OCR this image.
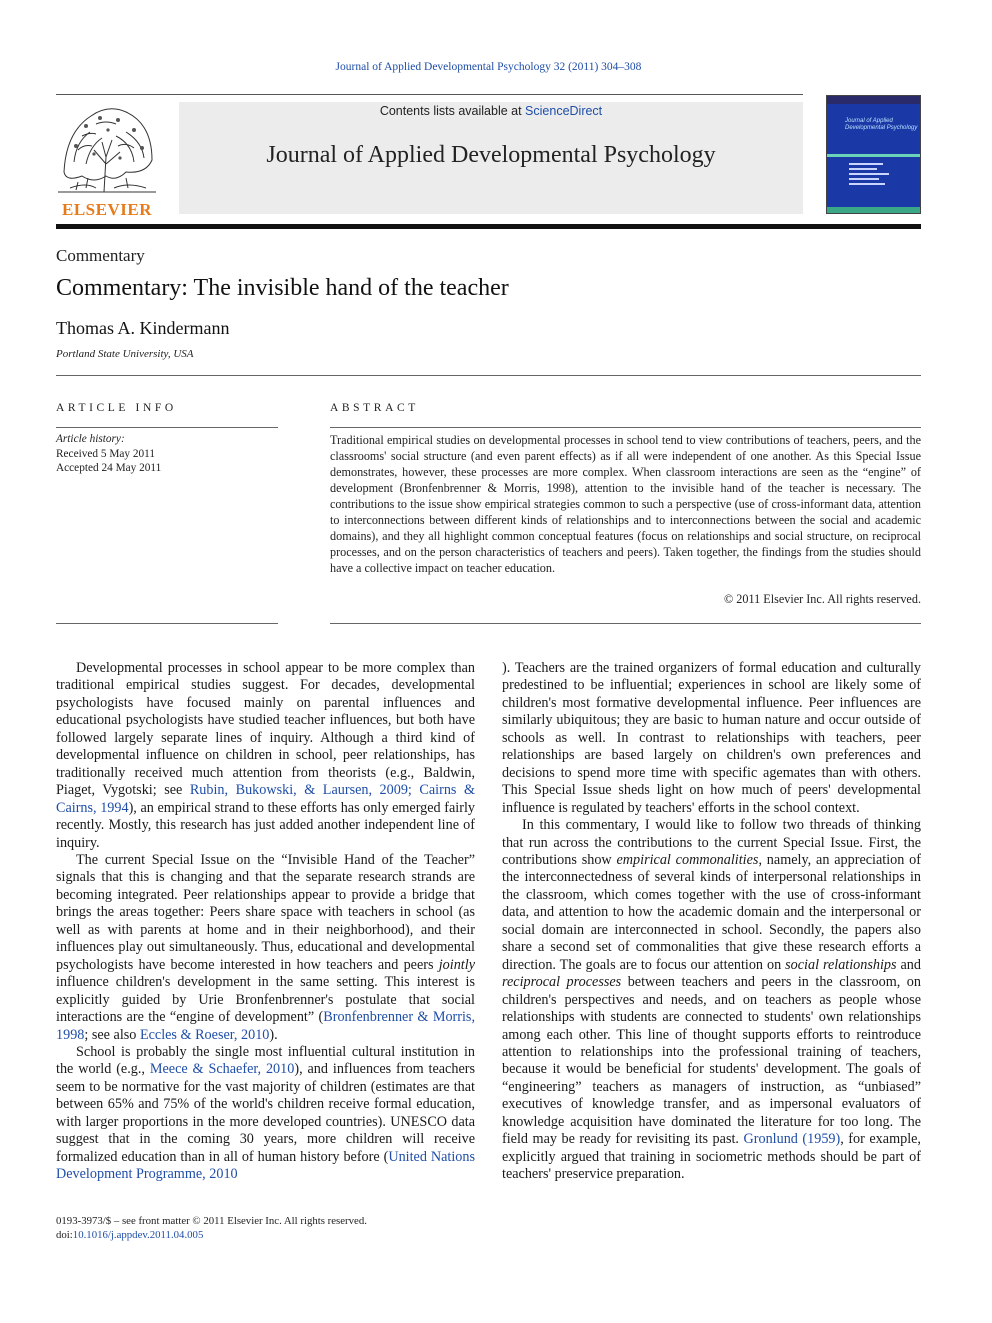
Journal of Applied Developmental Psychology 32 (2011) 304–308
ELSEVIER
Contents lists available at ScienceDirect
Journal of Applied Developmental Psychology
Journal of Applied Developmental Psychology
Commentary
Commentary: The invisible hand of the teacher
Thomas A. Kindermann
Portland State University, USA
ARTICLE INFO
Article history:
Received 5 May 2011
Accepted 24 May 2011
ABSTRACT
Traditional empirical studies on developmental processes in school tend to view contributions of teachers, peers, and the classrooms' social structure (and even parent effects) as if all were independent of one another. As this Special Issue demonstrates, however, these processes are more complex. When classroom interactions are seen as the “engine” of development (Bronfenbrenner & Morris, 1998), attention to the invisible hand of the teacher is necessary. The contributions to the issue show empirical strategies common to such a perspective (use of cross-informant data, attention to interconnections between different kinds of relationships and to interconnections between the social and academic domains), and they all highlight common conceptual features (focus on relationships and social structure, on reciprocal processes, and on the person characteristics of teachers and peers). Taken together, the findings from the studies should have a collective impact on teacher education.
© 2011 Elsevier Inc. All rights reserved.

Developmental processes in school appear to be more complex than traditional empirical studies suggest. For decades, developmental psychologists have focused mainly on parental influences and educational psychologists have studied teacher influences, but both have followed largely separate lines of inquiry. Although a third kind of developmental influence on children in school, peer relationships, has traditionally received much attention from theorists (e.g., Baldwin, Piaget, Vygotski; see Rubin, Bukowski, & Laursen, 2009; Cairns & Cairns, 1994), an empirical strand to these efforts has only emerged fairly recently. Mostly, this research has just added another independent line of inquiry.

The current Special Issue on the “Invisible Hand of the Teacher” signals that this is changing and that the separate research strands are becoming integrated. Peer relationships appear to provide a bridge that brings the areas together: Peers share space with teachers in school (as well as with parents at home and in their neighborhood), and their influences play out simultaneously. Thus, educational and developmental psychologists have become interested in how teachers and peers jointly influence children's development in the same setting. This interest is explicitly guided by Urie Bronfenbrenner's postulate that social interactions are the “engine of development” (Bronfenbrenner & Morris, 1998; see also Eccles & Roeser, 2010).

School is probably the single most influential cultural institution in the world (e.g., Meece & Schaefer, 2010), and influences from teachers seem to be normative for the vast majority of children (estimates are that between 65% and 75% of the world's children receive formal education, with larger proportions in the more developed countries). UNESCO data suggest that in the coming 30 years, more children will receive formalized education than in all of human history before (United Nations Development Programme, 2010

). Teachers are the trained organizers of formal education and culturally predestined to be influential; experiences in school are likely some of children's most formative developmental influence. Peer influences are similarly ubiquitous; they are basic to human nature and occur outside of schools as well. In contrast to relationships with teachers, peer relationships are based largely on children's own preferences and decisions to spend more time with specific agemates than with others. This Special Issue sheds light on how much of peers' developmental influence is regulated by teachers' efforts in the school context.

In this commentary, I would like to follow two threads of thinking that run across the contributions to the current Special Issue. First, the contributions show empirical commonalities, namely, an appreciation of the interconnectedness of several kinds of interpersonal relationships in the classroom, which comes together with the use of cross-informant data, and attention to how the academic domain and the interpersonal or social domain are interconnected in school. Secondly, the papers also share a second set of commonalities that give these research efforts a direction. The goals are to focus our attention on social relationships and reciprocal processes between teachers and peers in the classroom, on children's perspectives and needs, and on teachers as people whose relationships with students are connected to students' own relationships among each other. This line of thought supports efforts to reintroduce attention to relationships into the professional training of teachers, because it would be beneficial for students' development. The goals of “engineering” teachers as managers of instruction, as “unbiased” executives of knowledge transfer, and as impersonal evaluators of knowledge acquisition have dominated the literature for too long. The field may be ready for revisiting its past. Gronlund (1959), for example, explicitly argued that training in sociometric methods should be part of teachers' preservice preparation.

0193-3973/$ – see front matter © 2011 Elsevier Inc. All rights reserved.
doi:10.1016/j.appdev.2011.04.005
